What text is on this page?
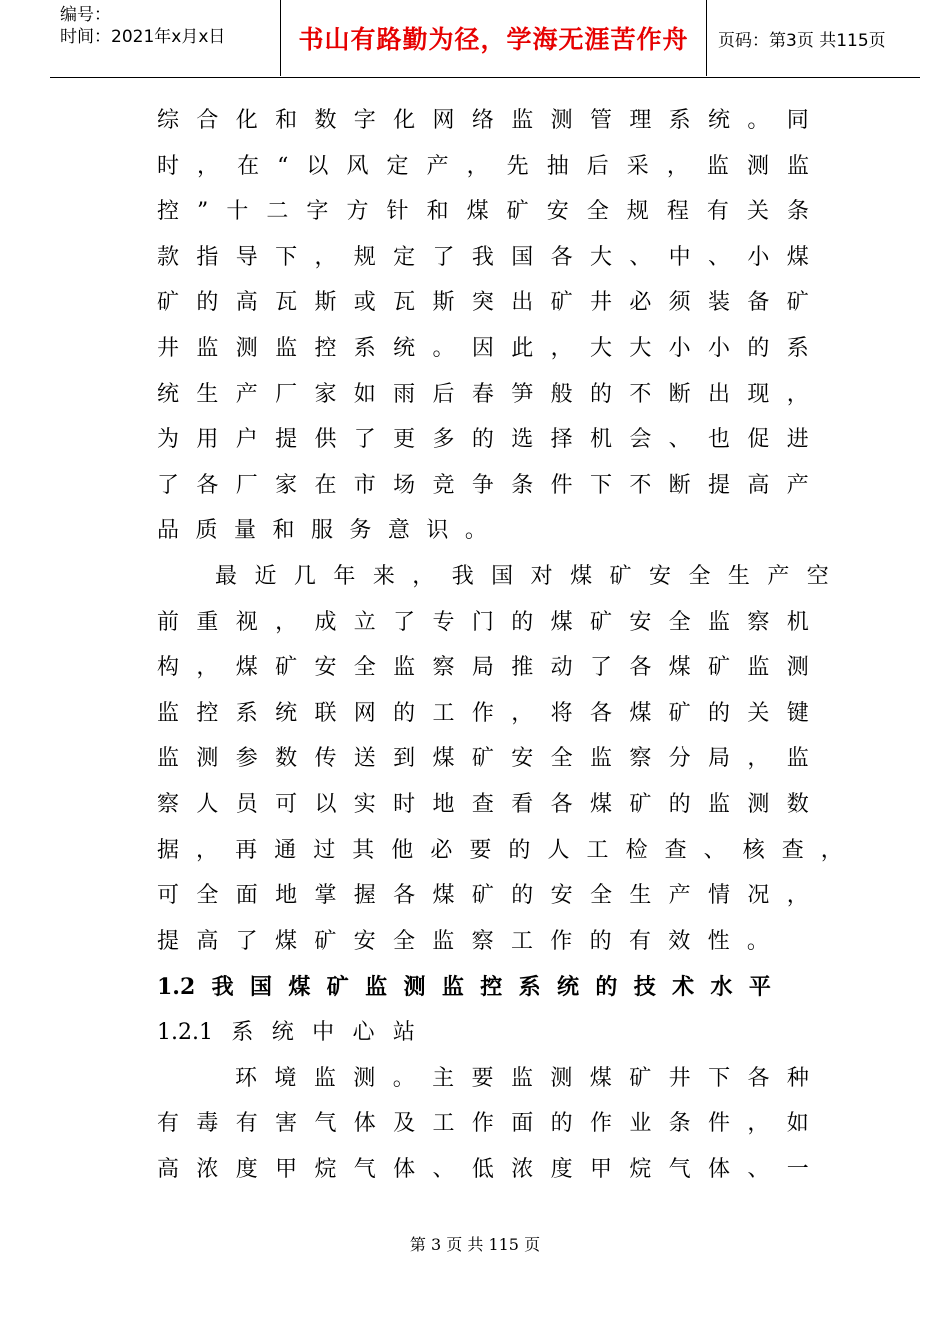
编号：
时间：2021年x月x日	书山有路勤为径，学海无涯苦作舟	页码：第3页 共115页
综 合 化 和 数 字 化 网 络 监 测 管 理 系 统 。 同
时 ， 在 “ 以 风 定 产 ， 先 抽 后 采 ， 监 测 监
控 ” 十 二 字 方 针 和 煤 矿 安 全 规 程 有 关 条
款 指 导 下 ， 规 定 了 我 国 各 大 、 中 、 小 煤
矿 的 高 瓦 斯 或 瓦 斯 突 出 矿 井 必 须 装 备 矿
井 监 测 监 控 系 统 。 因 此 ， 大 大 小 小 的 系
统 生 产 厂 家 如 雨 后 春 笋 般 的 不 断 出 现 ，
为 用 户 提 供 了 更 多 的 选 择 机 会 、 也 促 进
了 各 厂 家 在 市 场 竞 争 条 件 下 不 断 提 高 产
品 质 量 和 服 务 意 识 。
最 近 几 年 来 ， 我 国 对 煤 矿 安 全 生 产 空
前 重 视 ， 成 立 了 专 门 的 煤 矿 安 全 监 察 机
构 ， 煤 矿 安 全 监 察 局 推 动 了 各 煤 矿 监 测
监 控 系 统 联 网 的 工 作 ， 将 各 煤 矿 的 关 键
监 测 参 数 传 送 到 煤 矿 安 全 监 察 分 局 ， 监
察 人 员 可 以 实 时 地 查 看 各 煤 矿 的 监 测 数
据 ， 再 通 过 其 他 必 要 的 人 工 检 查 、 核 查 ，
可 全 面 地 掌 握 各 煤 矿 的 安 全 生 产 情 况 ，
提 高 了 煤 矿 安 全 监 察 工 作 的 有 效 性 。
1.2 我 国 煤 矿 监 测 监 控 系 统 的 技 术 水 平
1.2.1 系 统 中 心 站
环 境 监 测 。 主 要 监 测 煤 矿 井 下 各 种
有 毒 有 害 气 体 及 工 作 面 的 作 业 条 件 ， 如
高 浓 度 甲 烷 气 体 、 低 浓 度 甲 烷 气 体 、 一
第 3 页 共 115 页
